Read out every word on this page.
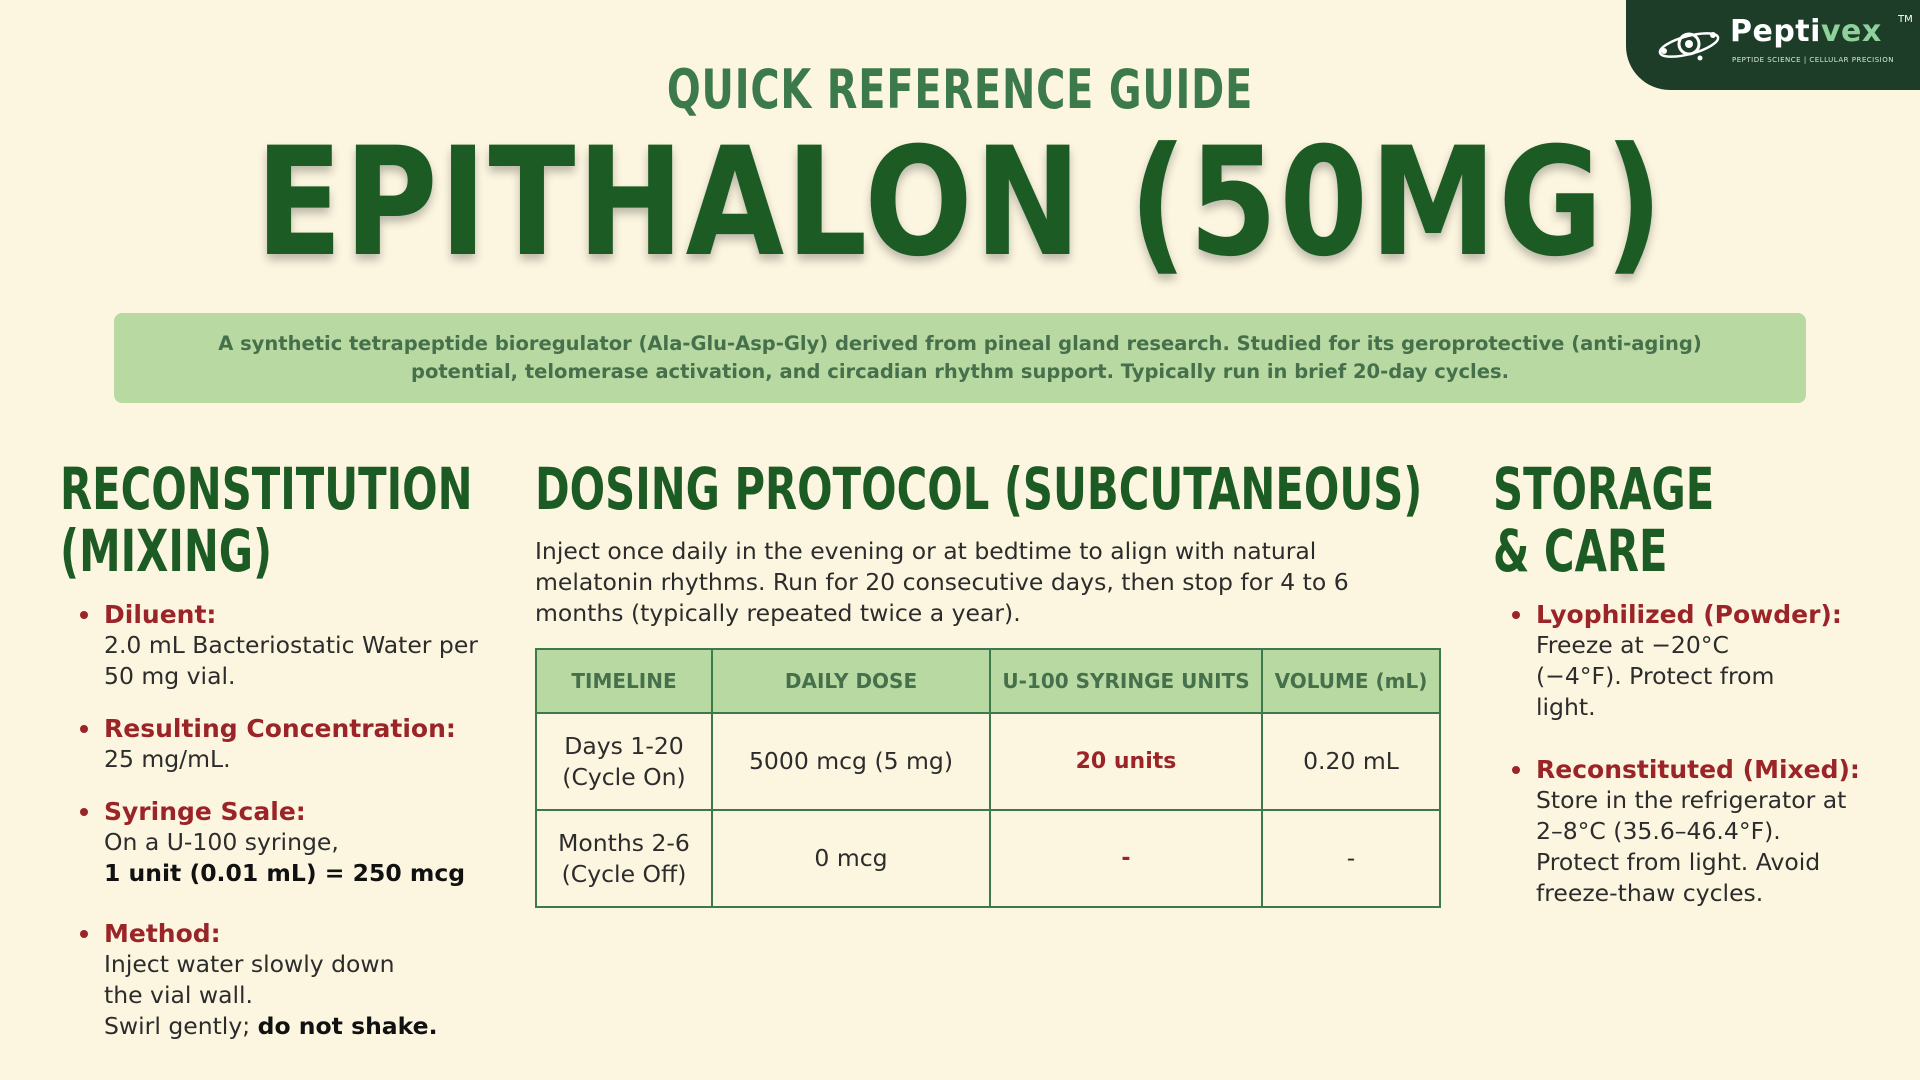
Peptivex TM
PEPTIDE SCIENCE | CELLULAR PRECISION
QUICK REFERENCE GUIDE
EPITHALON (50MG)
A synthetic tetrapeptide bioregulator (Ala-Glu-Asp-Gly) derived from pineal gland research. Studied for its geroprotective (anti-aging) potential, telomerase activation, and circadian rhythm support. Typically run in brief 20-day cycles.
RECONSTITUTION
(MIXING)
Diluent:
2.0 mL Bacteriostatic Water per 50 mg vial.
Resulting Concentration:
25 mg/mL.
Syringe Scale:
On a U-100 syringe,
1 unit (0.01 mL) = 250 mcg
Method:
Inject water slowly down the vial wall.
Swirl gently; do not shake.
DOSING PROTOCOL (SUBCUTANEOUS)
Inject once daily in the evening or at bedtime to align with natural melatonin rhythms. Run for 20 consecutive days, then stop for 4 to 6 months (typically repeated twice a year).
TIMELINE	DAILY DOSE	U-100 SYRINGE UNITS	VOLUME (mL)

Days 1-20
(Cycle On)	5000 mcg (5 mg)	20 units	0.20 mL

Months 2-6
(Cycle Off)	0 mcg	-	-
STORAGE
& CARE
Lyophilized (Powder):
Freeze at −20°C (−4°F). Protect from light.
Reconstituted (Mixed):
Store in the refrigerator at 2–8°C (35.6–46.4°F). Protect from light. Avoid freeze-thaw cycles.
